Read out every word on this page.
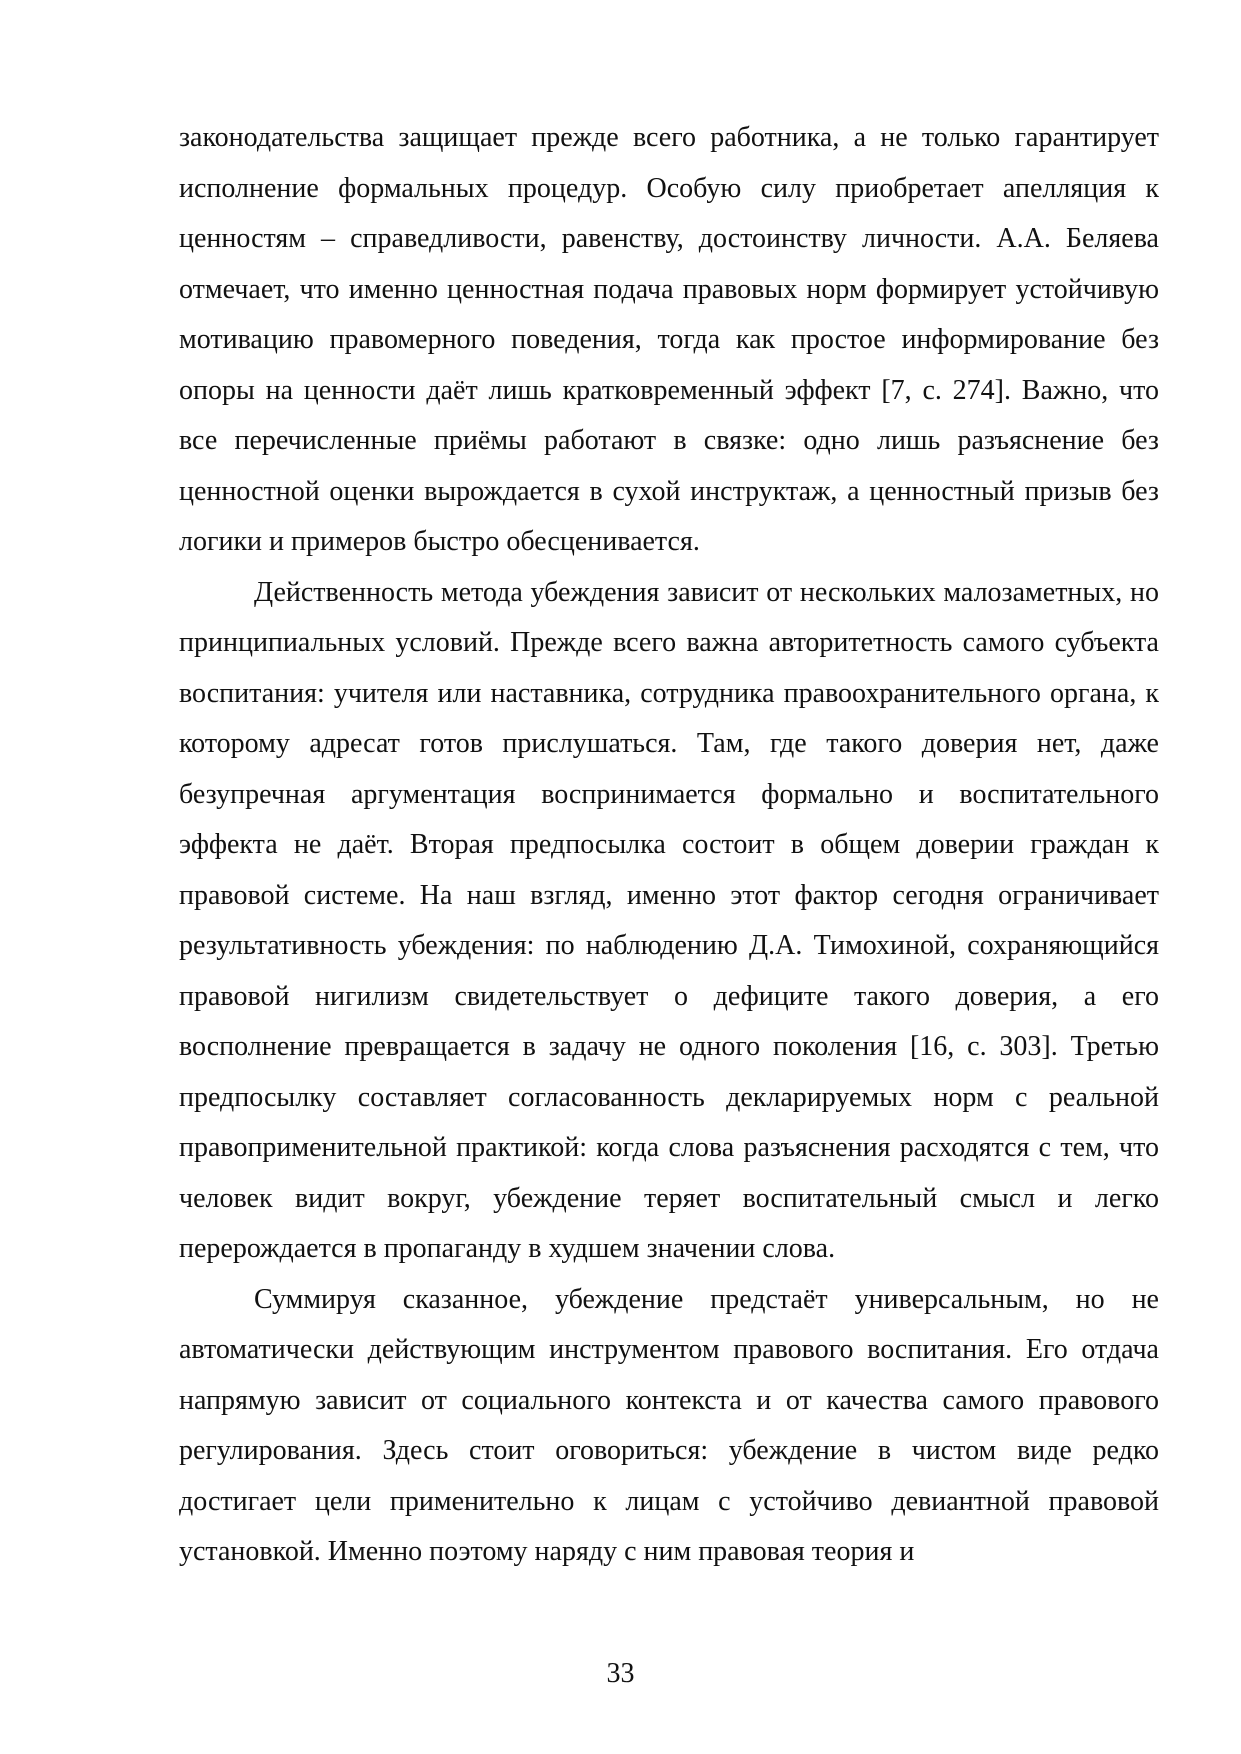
законодательства защищает прежде всего работника, а не только гарантирует исполнение формальных процедур. Особую силу приобретает апелляция к ценностям – справедливости, равенству, достоинству личности. А.А. Беляева отмечает, что именно ценностная подача правовых норм формирует устойчивую мотивацию правомерного поведения, тогда как простое информирование без опоры на ценности даёт лишь кратковременный эффект [7, с. 274]. Важно, что все перечисленные приёмы работают в связке: одно лишь разъяснение без ценностной оценки вырождается в сухой инструктаж, а ценностный призыв без логики и примеров быстро обесценивается.

Действенность метода убеждения зависит от нескольких малозаметных, но принципиальных условий. Прежде всего важна авторитетность самого субъекта воспитания: учителя или наставника, сотрудника правоохранительного органа, к которому адресат готов прислушаться. Там, где такого доверия нет, даже безупречная аргументация воспринимается формально и воспитательного эффекта не даёт. Вторая предпосылка состоит в общем доверии граждан к правовой системе. На наш взгляд, именно этот фактор сегодня ограничивает результативность убеждения: по наблюдению Д.А. Тимохиной, сохраняющийся правовой нигилизм свидетельствует о дефиците такого доверия, а его восполнение превращается в задачу не одного поколения [16, с. 303]. Третью предпосылку составляет согласованность декларируемых норм с реальной правоприменительной практикой: когда слова разъяснения расходятся с тем, что человек видит вокруг, убеждение теряет воспитательный смысл и легко перерождается в пропаганду в худшем значении слова.

Суммируя сказанное, убеждение предстаёт универсальным, но не автоматически действующим инструментом правового воспитания. Его отдача напрямую зависит от социального контекста и от качества самого правового регулирования. Здесь стоит оговориться: убеждение в чистом виде редко достигает цели применительно к лицам с устойчиво девиантной правовой установкой. Именно поэтому наряду с ним правовая теория и

33
